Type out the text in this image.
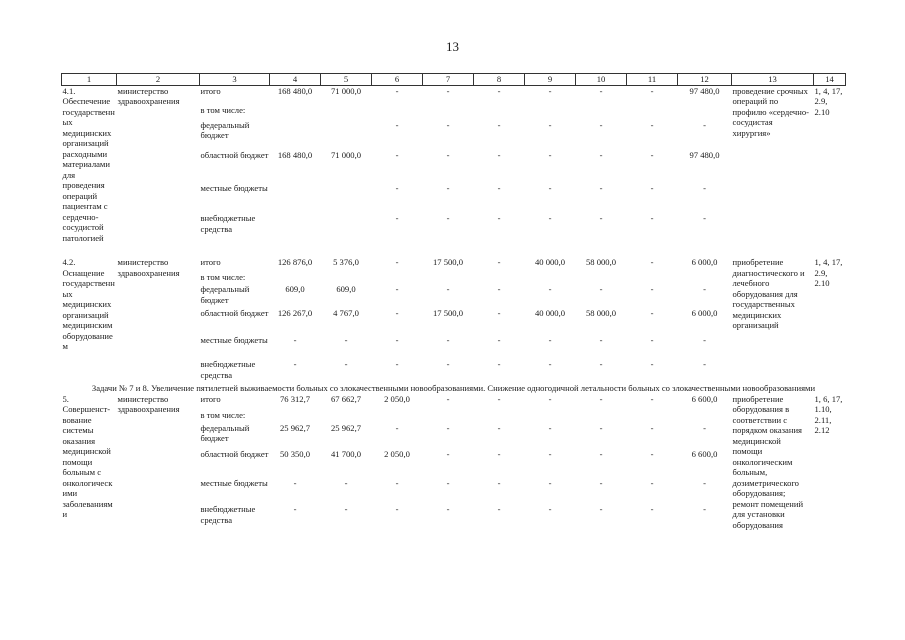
13
1	2	3	4	5	6	7	8	9	10	11	12	13	14
4.1. Обеспечение государственных медицинских организаций расходными материалами для проведения операций пациентам с сердечно-сосудистой патологией	министерство здравоохранения	итого	168 480,0	71 000,0	-	-	-	-	-	-	97 480,0	проведение срочных операций по профилю «сердечно-сосудистая хирургия»	1, 4, 17, 2.9, 2.10
		в том числе:											
		федеральный бюджет			-	-	-	-	-	-	-		
		областной бюджет	168 480,0	71 000,0	-	-	-	-	-	-	97 480,0		
		местные бюджеты			-	-	-	-	-	-	-		
		внебюджетные средства			-	-	-	-	-	-	-		

4.2. Оснащение государственных медицинских организаций медицинским оборудованием	министерство здравоохранения	итого	126 876,0	5 376,0	-	17 500,0	-	40 000,0	58 000,0	-	6 000,0	приобретение диагностического и лечебного оборудования для государственных медицинских организаций	1, 4, 17, 2.9, 2.10
		в том числе:											
		федеральный бюджет	609,0	609,0	-	-	-	-	-	-	-		
		областной бюджет	126 267,0	4 767,0	-	17 500,0	-	40 000,0	58 000,0	-	6 000,0		
		местные бюджеты	-	-	-	-	-	-	-	-	-		
		внебюджетные средства	-	-	-	-	-	-	-	-	-		
Задачи № 7 и 8. Увеличение пятилетней выживаемости больных со злокачественными новообразованиями. Снижение одногодичной летальности больных со злокачественными новообразованиями													
5. Совершенст-вование системы оказания медицинской помощи больным с онкологическими заболеваниями	министерство здравоохранения	итого	76 312,7	67 662,7	2 050,0	-	-	-	-	-	6 600,0	приобретение оборудования в соответствии с порядком оказания медицинской помощи онкологическим больным, дозиметрического оборудования; ремонт помещений для установки оборудования	1, 6, 17, 1.10, 2.11, 2.12
		в том числе:											
		федеральный бюджет	25 962,7	25 962,7	-	-	-	-	-	-	-		
		областной бюджет	50 350,0	41 700,0	2 050,0	-	-	-	-	-	6 600,0		
		местные бюджеты	-	-	-	-	-	-	-	-	-		
		внебюджетные средства	-	-	-	-	-	-	-	-	-		
